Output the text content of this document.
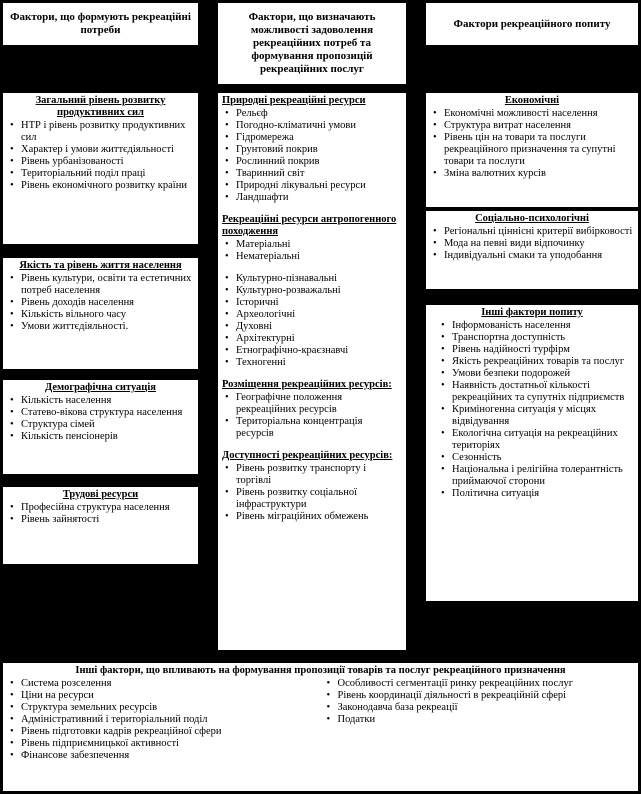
Фактори, що формують рекреаційні потреби
Фактори, що визначають можливості задоволення рекреаційних потреб та формування пропозицій рекреаційних послуг
Фактори рекреаційного попиту
Загальний рівень розвитку продуктивних сил
• НТР і рівень розвитку продуктивних сил
• Характер і умови життєдіяльності
• Рівень урбанізованості
• Територіальний поділ праці
• Рівень економічного розвитку країни
Якість та рівень життя населення
• Рівень культури, освіти та естетичних потреб населення
• Рівень доходів населення
• Кількість вільного часу
• Умови життєдіяльності.
Демографічна ситуація
• Кількість населення
• Статево-вікова структура населення
• Структура сімей
• Кількість пенсіонерів
Трудові ресурси
• Професійна структура населення
• Рівень зайнятості
Природні рекреаційні ресурси
• Рельєф
• Погодно-кліматичні умови
• Гідромережа
• Грунтовий покрив
• Рослинний покрив
• Тваринний світ
• Природні лікувальні ресурси
• Ландшафти
Рекреаційні ресурси антропогенного походження
• Матеріальні
• Нематеріальні
• Культурно-пізнавальні
• Культурно-розважальні
• Історичні
• Археологічні
• Духовні
• Архітектурні
• Етнографічно-краєзнавчі
• Техногенні
Розміщення рекреаційних ресурсів:
• Географічне положення рекреаційних ресурсів
• Територіальна концентрація ресурсів
Доступності рекреаційних ресурсів:
• Рівень розвитку транспорту і торгівлі
• Рівень розвитку соціальної інфраструктури
• Рівень міграційних обмежень
Економічні
• Економічні можливості населення
• Структура витрат населення
• Рівень цін на товари та послуги рекреаційного призначення та супутні товари та послуги
• Зміна валютних курсів
Соціально-психологічні
• Регіональні ціннісні критерії вибірковості
• Мода на певні види відпочинку
• Індивідуальні смаки та уподобання
Інші фактори попиту
• Інформованість населення
• Транспортна доступність
• Рівень надійності турфірм
• Якість рекреаційних товарів та послуг
• Умови безпеки подорожей
• Наявність достатньої кількості рекреаційних та супутніх підприємств
• Криміногенна ситуація у місцях відвідування
• Екологічна ситуація на рекреаційних територіях
• Сезонність
• Національна і релігійна толерантність приймаючої сторони
• Політична ситуація
Інші фактори, що впливають на формування пропозиції товарів та послуг рекреаційного призначення
• Система розселення
• Ціни на ресурси
• Структура земельних ресурсів
• Адміністративний і територіальний поділ
• Рівень підготовки кадрів рекреаційної сфери
• Рівень підприємницької активності
• Фінансове забезпечення
• Особливості сегментації ринку рекреаційних послуг
• Рівень координації діяльності в рекреаційній сфері
• Законодавча база рекреації
• Податки
